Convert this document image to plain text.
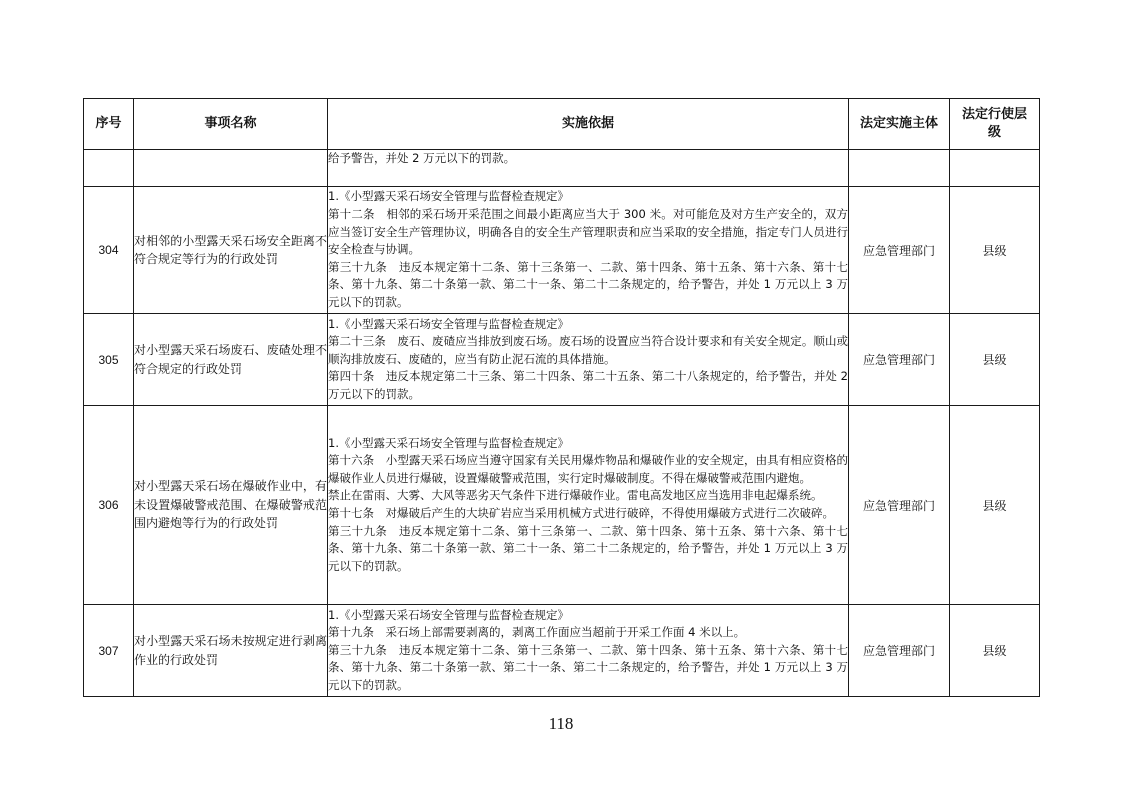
序号	事项名称	实施依据	法定实施主体	法定行使层级

		给予警告，并处 2 万元以下的罚款。		

304	对相邻的小型露天采石场安全距离不符合规定等行为的行政处罚	1.《小型露天采石场安全管理与监督检查规定》
第十二条　相邻的采石场开采范围之间最小距离应当大于 300 米。对可能危及对方生产安全的，双方应当签订安全生产管理协议，明确各自的安全生产管理职责和应当采取的安全措施，指定专门人员进行安全检查与协调。
第三十九条　违反本规定第十二条、第十三条第一、二款、第十四条、第十五条、第十六条、第十七条、第十九条、第二十条第一款、第二十一条、第二十二条规定的，给予警告，并处 1 万元以上 3 万元以下的罚款。	应急管理部门	县级
305	对小型露天采石场废石、废碴处理不符合规定的行政处罚	1.《小型露天采石场安全管理与监督检查规定》
第二十三条　废石、废碴应当排放到废石场。废石场的设置应当符合设计要求和有关安全规定。顺山或顺沟排放废石、废碴的，应当有防止泥石流的具体措施。
第四十条　违反本规定第二十三条、第二十四条、第二十五条、第二十八条规定的，给予警告，并处 2 万元以下的罚款。	应急管理部门	县级
306	对小型露天采石场在爆破作业中，有未设置爆破警戒范围、在爆破警戒范围内避炮等行为的行政处罚	1.《小型露天采石场安全管理与监督检查规定》
第十六条　小型露天采石场应当遵守国家有关民用爆炸物品和爆破作业的安全规定，由具有相应资格的爆破作业人员进行爆破，设置爆破警戒范围，实行定时爆破制度。不得在爆破警戒范围内避炮。
禁止在雷雨、大雾、大风等恶劣天气条件下进行爆破作业。雷电高发地区应当选用非电起爆系统。
第十七条　对爆破后产生的大块矿岩应当采用机械方式进行破碎，不得使用爆破方式进行二次破碎。
第三十九条　违反本规定第十二条、第十三条第一、二款、第十四条、第十五条、第十六条、第十七条、第十九条、第二十条第一款、第二十一条、第二十二条规定的，给予警告，并处 1 万元以上 3 万元以下的罚款。	应急管理部门	县级
307	对小型露天采石场未按规定进行剥离作业的行政处罚	1.《小型露天采石场安全管理与监督检查规定》
第十九条　采石场上部需要剥离的，剥离工作面应当超前于开采工作面 4 米以上。
第三十九条　违反本规定第十二条、第十三条第一、二款、第十四条、第十五条、第十六条、第十七条、第十九条、第二十条第一款、第二十一条、第二十二条规定的，给予警告，并处 1 万元以上 3 万元以下的罚款。	应急管理部门	县级
118
